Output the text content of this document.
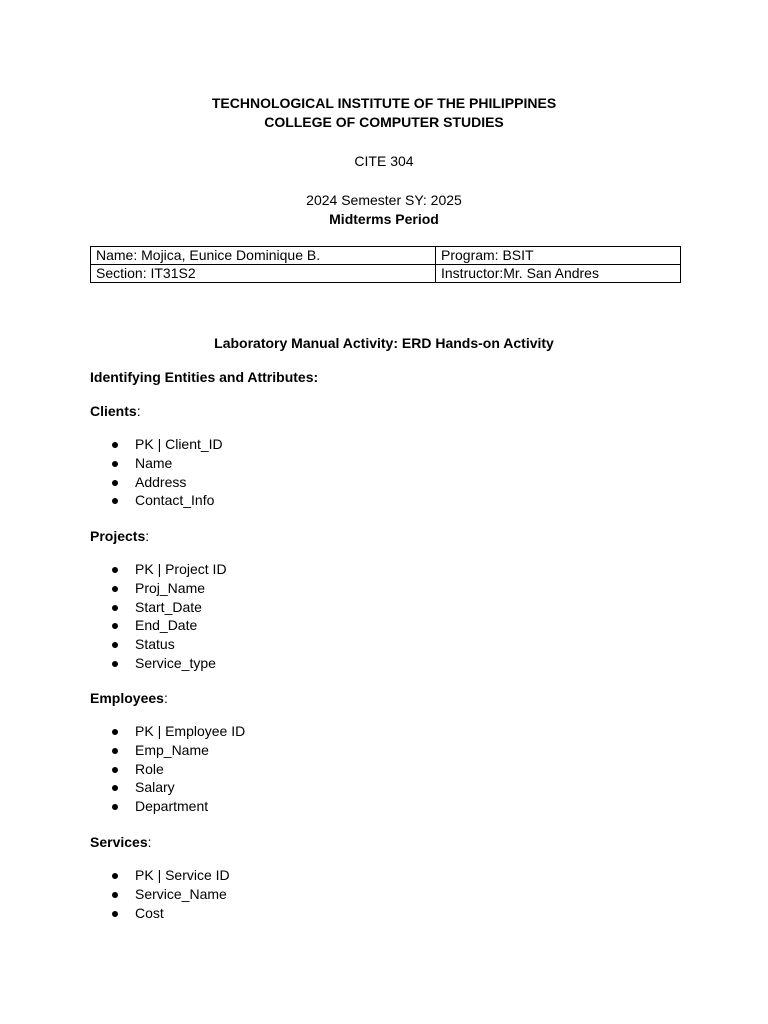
TECHNOLOGICAL INSTITUTE OF THE PHILIPPINES
COLLEGE OF COMPUTER STUDIES
CITE 304
2024 Semester SY: 2025
Midterms Period
Name: Mojica, Eunice Dominique B.	Program: BSIT
Section: IT31S2	Instructor:Mr. San Andres
Laboratory Manual Activity: ERD Hands-on Activity
Identifying Entities and Attributes:
Clients:
PK | Client_ID
Name
Address
Contact_Info
Projects:
PK | Project ID
Proj_Name
Start_Date
End_Date
Status
Service_type
Employees:
PK | Employee ID
Emp_Name
Role
Salary
Department
Services:
PK | Service ID
Service_Name
Cost
